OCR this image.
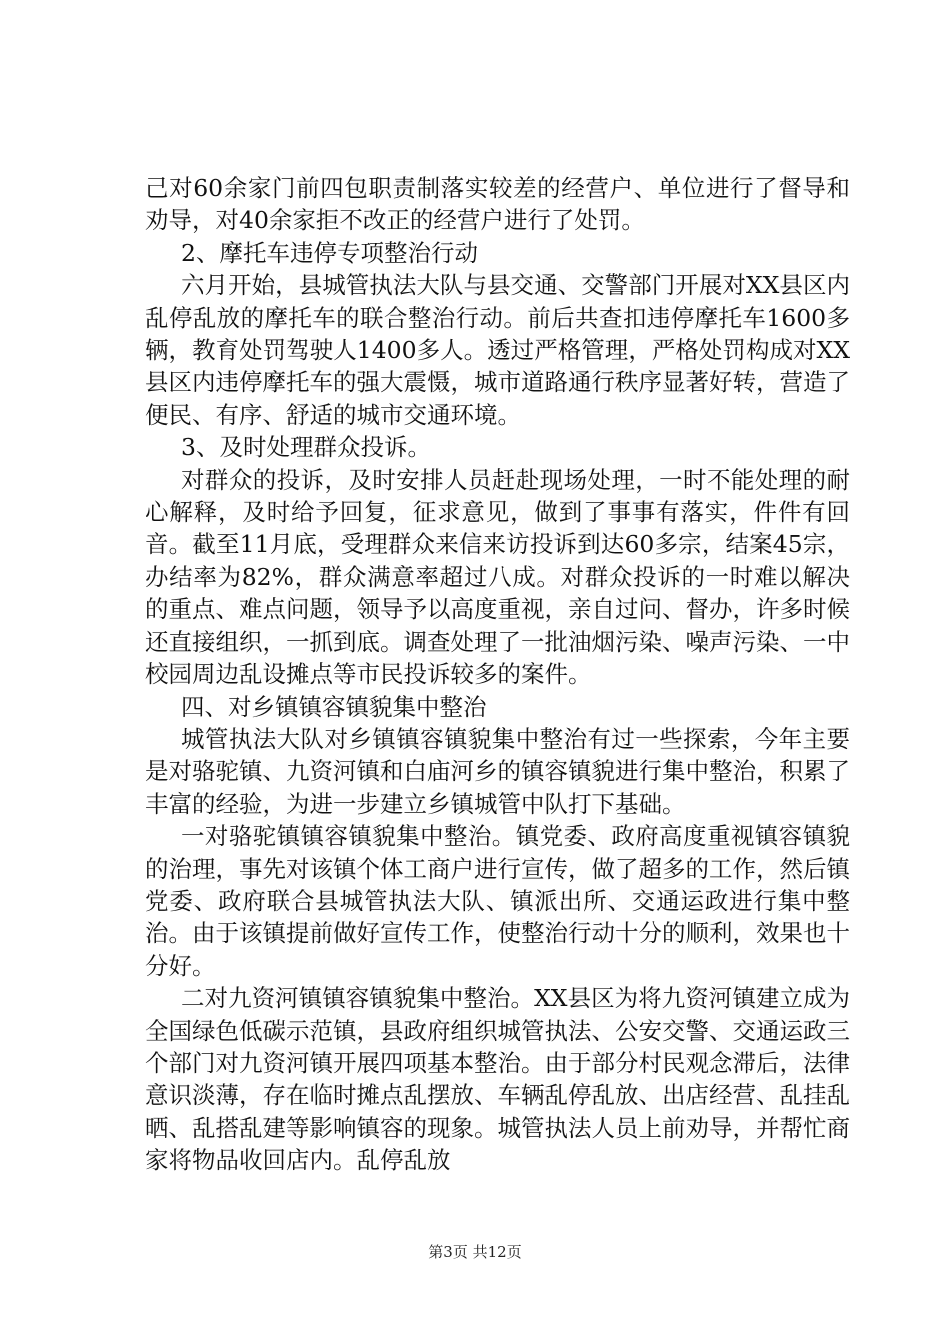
己对60余家门前四包职责制落实较差的经营户、单位进行了督导和劝导，对40余家拒不改正的经营户进行了处罚。

2、摩托车违停专项整治行动

六月开始，县城管执法大队与县交通、交警部门开展对XX县区内乱停乱放的摩托车的联合整治行动。前后共查扣违停摩托车1600多辆，教育处罚驾驶人1400多人。透过严格管理，严格处罚构成对XX县区内违停摩托车的强大震慑，城市道路通行秩序显著好转，营造了便民、有序、舒适的城市交通环境。

3、及时处理群众投诉。

对群众的投诉，及时安排人员赶赴现场处理，一时不能处理的耐心解释，及时给予回复，征求意见，做到了事事有落实，件件有回音。截至11月底，受理群众来信来访投诉到达60多宗，结案45宗，办结率为82%，群众满意率超过八成。对群众投诉的一时难以解决的重点、难点问题，领导予以高度重视，亲自过问、督办，许多时候还直接组织，一抓到底。调查处理了一批油烟污染、噪声污染、一中校园周边乱设摊点等市民投诉较多的案件。

四、对乡镇镇容镇貌集中整治

城管执法大队对乡镇镇容镇貌集中整治有过一些探索，今年主要是对骆驼镇、九资河镇和白庙河乡的镇容镇貌进行集中整治，积累了丰富的经验，为进一步建立乡镇城管中队打下基础。

一对骆驼镇镇容镇貌集中整治。镇党委、政府高度重视镇容镇貌的治理，事先对该镇个体工商户进行宣传，做了超多的工作，然后镇党委、政府联合县城管执法大队、镇派出所、交通运政进行集中整治。由于该镇提前做好宣传工作，使整治行动十分的顺利，效果也十分好。

二对九资河镇镇容镇貌集中整治。XX县区为将九资河镇建立成为全国绿色低碳示范镇，县政府组织城管执法、公安交警、交通运政三个部门对九资河镇开展四项基本整治。由于部分村民观念滞后，法律意识淡薄，存在临时摊点乱摆放、车辆乱停乱放、出店经营、乱挂乱晒、乱搭乱建等影响镇容的现象。城管执法人员上前劝导，并帮忙商家将物品收回店内。乱停乱放

第3页 共12页
